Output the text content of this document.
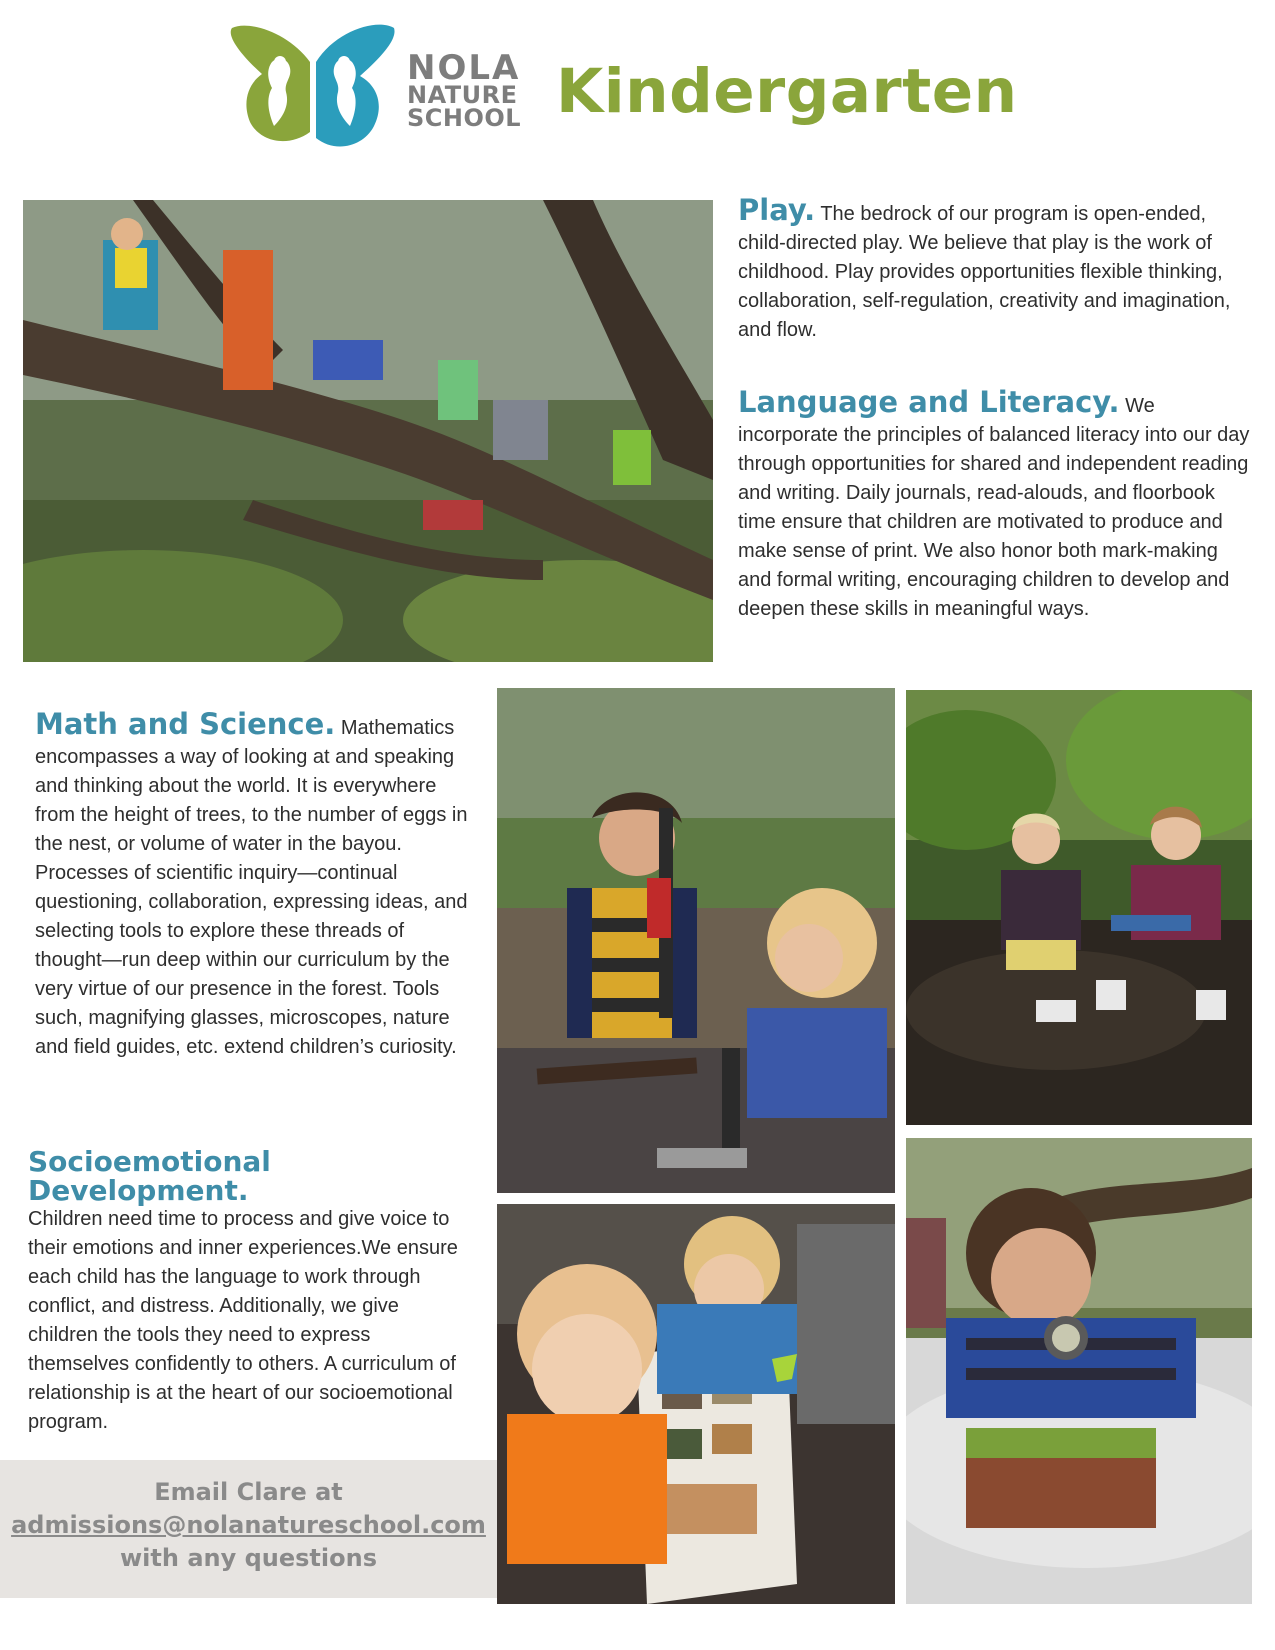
NOLA
NATURE
SCHOOL Kindergarten
Play. The bedrock of our program is open-ended, child-directed play. We believe that play is the work of childhood. Play provides opportunities flexible thinking, collaboration, self-regulation, creativity and imagination, and flow.
Language and Literacy. We incorporate the principles of balanced literacy into our day through opportunities for shared and independent reading and writing. Daily journals, read-alouds, and floorbook time ensure that children are motivated to produce and make sense of print. We also honor both mark-making and formal writing, encouraging children to develop and deepen these skills in meaningful ways.
Math and Science. Mathematics encompasses a way of looking at and speaking and thinking about the world. It is everywhere from the height of trees, to the number of eggs in the nest, or volume of water in the bayou. Processes of scientific inquiry—continual questioning, collaboration, expressing ideas, and selecting tools to explore these threads of thought—run deep within our curriculum by the very virtue of our presence in the forest. Tools such, magnifying glasses, microscopes, nature and field guides, etc. extend children’s curiosity.
Socioemotional Development.
Children need time to process and give voice to their emotions and inner experiences.We ensure each child has the language to work through conflict, and distress. Additionally, we give children the tools they need to express themselves confidently to others. A curriculum of relationship is at the heart of our socioemotional program.
Email Clare at
admissions@nolanatureschool.com
with any questions
